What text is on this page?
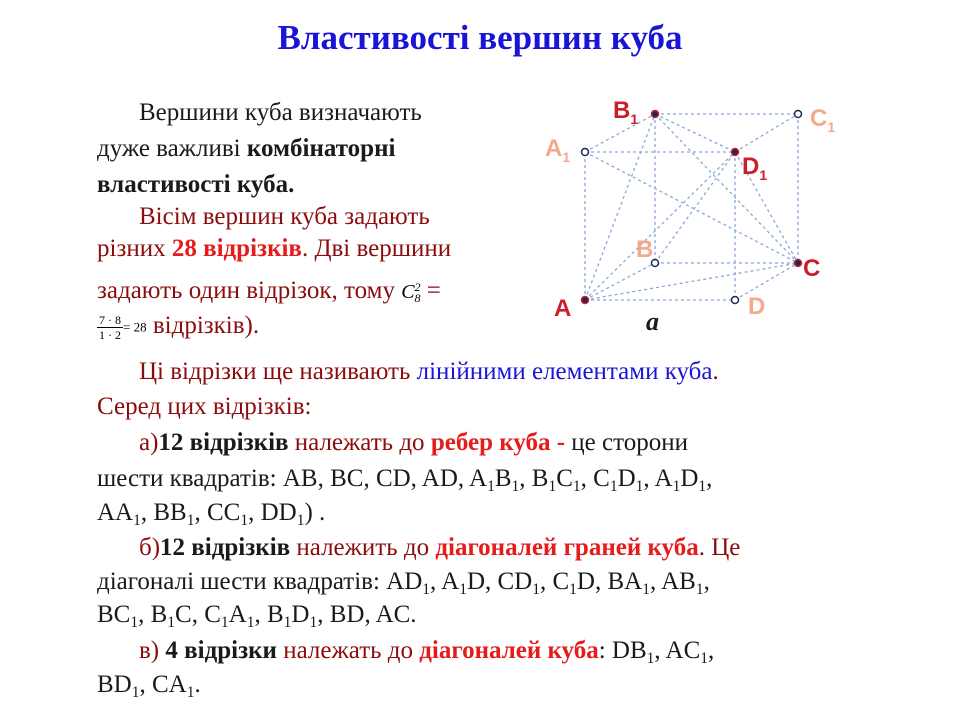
Властивості вершин куба
Вершини куба визначають
дуже важливі комбінаторні
властивості куба.
Вісім вершин куба задають
різних 28 відрізків. Дві вершини
задають один відрізок, тому C 2
8 =
$\frac{7 \cdot 8}{1 \cdot 2} = 28$ відрізків).
Ці відрізки ще називають лінійними елементами куба.
Серед цих відрізків:
а)12 відрізків належать до ребер куба - це сторони
шести квадратів: AB, BC, CD, AD, $A_1B_1$, $B_1C_1$, $C_1D_1$, $A_1D_1$,
$AA_1$, $BB_1$, $CC_1$, $DD_1$) .
б)12 відрізків належить до діагоналей граней куба. Це
діагоналі шести квадратів: $AD_1$, $A_1D$, $CD_1$, $C_1D$, $BA_1$, $AB_1$,
$BC_1$, $B_1C$, $C_1A_1$, $B_1D_1$, BD, AC.
в) 4 відрізки належать до діагоналей куба: $DB_1$, $AC_1$,
$BD_1$, $CA_1$.
$B_1$	$C_1$
$A_1$	$D_1$
B
C
A	D
a
